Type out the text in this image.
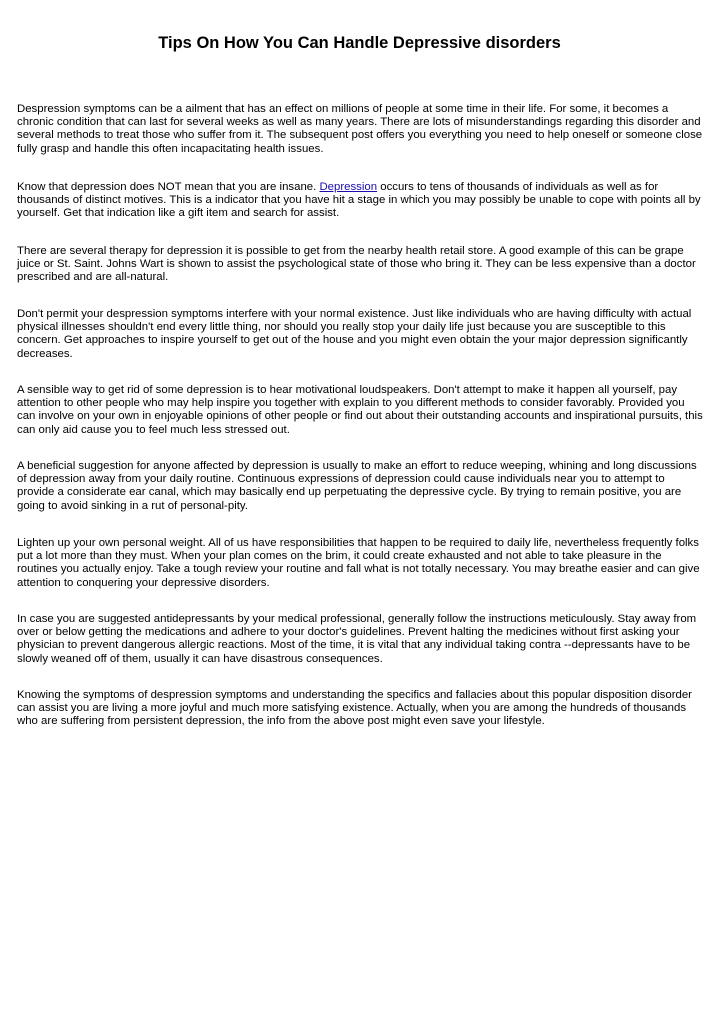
Tips On How You Can Handle Depressive disorders

Despression symptoms can be a ailment that has an effect on millions of people at some time in their life. For some, it becomes a chronic condition that can last for several weeks as well as many years. There are lots of misunderstandings regarding this disorder and several methods to treat those who suffer from it. The subsequent post offers you everything you need to help oneself or someone close fully grasp and handle this often incapacitating health issues.

Know that depression does NOT mean that you are insane. Depression occurs to tens of thousands of individuals as well as for thousands of distinct motives. This is a indicator that you have hit a stage in which you may possibly be unable to cope with points all by yourself. Get that indication like a gift item and search for assist.

There are several therapy for depression it is possible to get from the nearby health retail store. A good example of this can be grape juice or St. Saint. Johns Wart is shown to assist the psychological state of those who bring it. They can be less expensive than a doctor prescribed and are all-natural.

Don't permit your despression symptoms interfere with your normal existence. Just like individuals who are having difficulty with actual physical illnesses shouldn't end every little thing, nor should you really stop your daily life just because you are susceptible to this concern. Get approaches to inspire yourself to get out of the house and you might even obtain the your major depression significantly decreases.

A sensible way to get rid of some depression is to hear motivational loudspeakers. Don't attempt to make it happen all yourself, pay attention to other people who may help inspire you together with explain to you different methods to consider favorably. Provided you can involve on your own in enjoyable opinions of other people or find out about their outstanding accounts and inspirational pursuits, this can only aid cause you to feel much less stressed out.

A beneficial suggestion for anyone affected by depression is usually to make an effort to reduce weeping, whining and long discussions of depression away from your daily routine. Continuous expressions of depression could cause individuals near you to attempt to provide a considerate ear canal, which may basically end up perpetuating the depressive cycle. By trying to remain positive, you are going to avoid sinking in a rut of personal-pity.

Lighten up your own personal weight. All of us have responsibilities that happen to be required to daily life, nevertheless frequently folks put a lot more than they must. When your plan comes on the brim, it could create exhausted and not able to take pleasure in the routines you actually enjoy. Take a tough review your routine and fall what is not totally necessary. You may breathe easier and can give attention to conquering your depressive disorders.

In case you are suggested antidepressants by your medical professional, generally follow the instructions meticulously. Stay away from over or below getting the medications and adhere to your doctor's guidelines. Prevent halting the medicines without first asking your physician to prevent dangerous allergic reactions. Most of the time, it is vital that any individual taking contra --depressants have to be slowly weaned off of them, usually it can have disastrous consequences.

Knowing the symptoms of despression symptoms and understanding the specifics and fallacies about this popular disposition disorder can assist you are living a more joyful and much more satisfying existence. Actually, when you are among the hundreds of thousands who are suffering from persistent depression, the info from the above post might even save your lifestyle.
